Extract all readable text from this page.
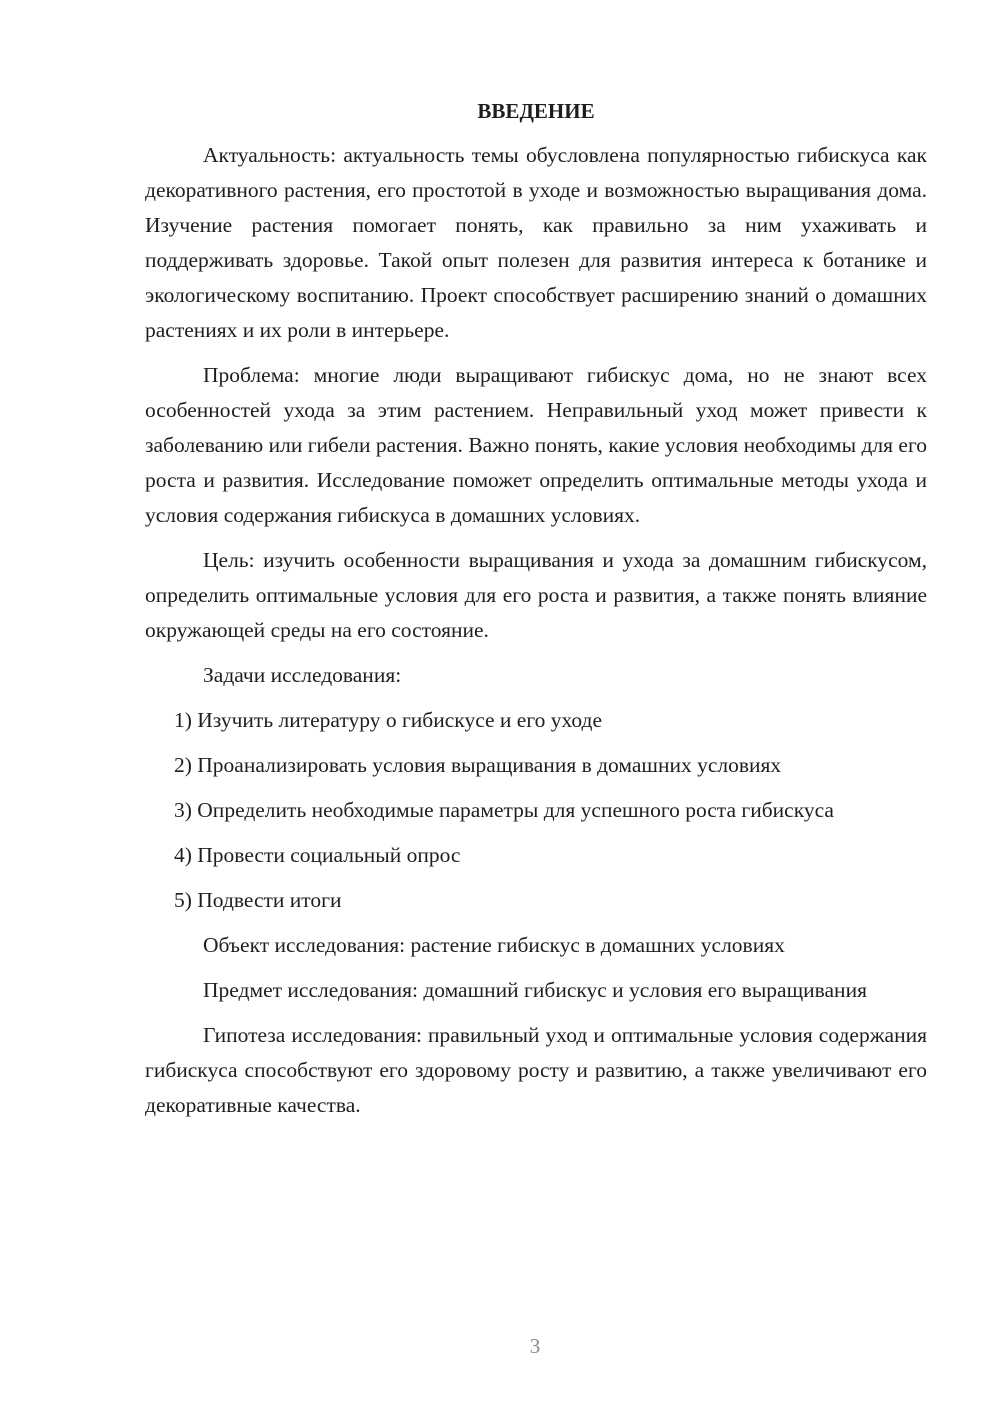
ВВЕДЕНИЕ

Актуальность: актуальность темы обусловлена популярностью гибискуса как декоративного растения, его простотой в уходе и возможностью выращивания дома. Изучение растения помогает понять, как правильно за ним ухаживать и поддерживать здоровье. Такой опыт полезен для развития интереса к ботанике и экологическому воспитанию. Проект способствует расширению знаний о домашних растениях и их роли в интерьере.

Проблема: многие люди выращивают гибискус дома, но не знают всех особенностей ухода за этим растением. Неправильный уход может привести к заболеванию или гибели растения. Важно понять, какие условия необходимы для его роста и развития. Исследование поможет определить оптимальные методы ухода и условия содержания гибискуса в домашних условиях.

Цель: изучить особенности выращивания и ухода за домашним гибискусом, определить оптимальные условия для его роста и развития, а также понять влияние окружающей среды на его состояние.

Задачи исследования:

1) Изучить литературу о гибискусе и его уходе

2) Проанализировать условия выращивания в домашних условиях

3) Определить необходимые параметры для успешного роста гибискуса

4) Провести социальный опрос

5) Подвести итоги

Объект исследования: растение гибискус в домашних условиях

Предмет исследования: домашний гибискус и условия его выращивания

Гипотеза исследования: правильный уход и оптимальные условия содержания гибискуса способствуют его здоровому росту и развитию, а также увеличивают его декоративные качества.

3
